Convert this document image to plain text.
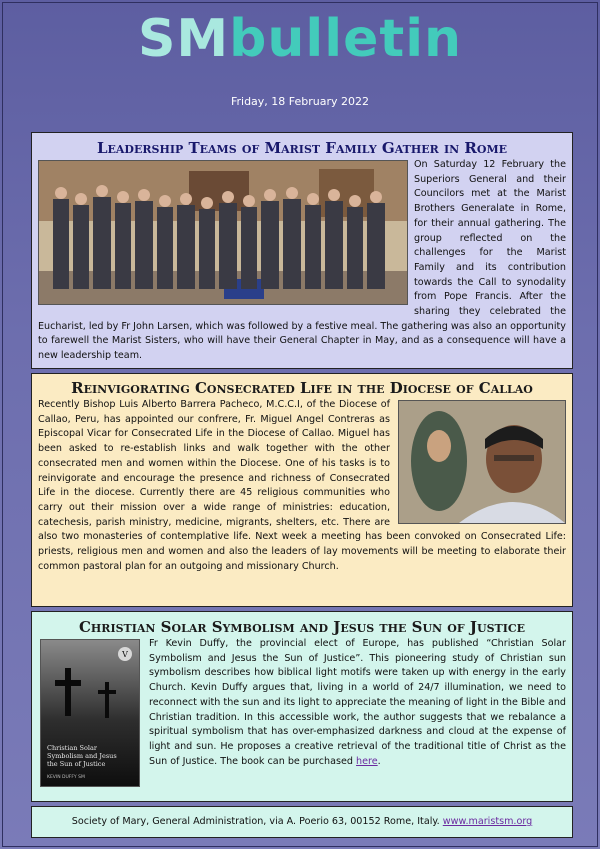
SMbulletin
Friday, 18 February 2022
Leadership Teams of Marist Family Gather in Rome

On Saturday 12 February the Superiors General and their Councilors met at the Marist Brothers Generalate in Rome, for their annual gathering. The group reflected on the challenges for the Marist Family and its contribution towards the Call to synodality from Pope Francis. After the sharing they celebrated the Eucharist, led by Fr John Larsen, which was followed by a festive meal. The gathering was also an opportunity to farewell the Marist Sisters, who will have their General Chapter in May, and as a consequence will have a new leadership team.

Reinvigorating Consecrated Life in the Diocese of Callao

Recently Bishop Luis Alberto Barrera Pacheco, M.C.C.I, of the Diocese of Callao, Peru, has appointed our confrere, Fr. Miguel Angel Contreras as Episcopal Vicar for Consecrated Life in the Diocese of Callao. Miguel has been asked to re-establish links and walk together with the other consecrated men and women within the Diocese. One of his tasks is to reinvigorate and encourage the presence and richness of Consecrated Life in the diocese. Currently there are 45 religious communities who carry out their mission over a wide range of ministries: education, catechesis, parish ministry, medicine, migrants, shelters, etc. There are also two monasteries of contemplative life. Next week a meeting has been convoked on Consecrated Life: priests, religious men and women and also the leaders of lay movements will be meeting to elaborate their common pastoral plan for an outgoing and missionary Church.

Christian Solar Symbolism and Jesus the Sun of Justice
V
Christian Solar
Symbolism and Jesus
the Sun of Justice
KEVIN DUFFY SM

Fr Kevin Duffy, the provincial elect of Europe, has published “Christian Solar Symbolism and Jesus the Sun of Justice”. This pioneering study of Christian sun symbolism describes how biblical light motifs were taken up with energy in the early Church. Kevin Duffy argues that, living in a world of 24/7 illumination, we need to reconnect with the sun and its light to appreciate the meaning of light in the Bible and Christian tradition. In this accessible work, the author suggests that we rebalance a spiritual symbolism that has over-emphasized darkness and cloud at the expense of light and sun. He proposes a creative retrieval of the traditional title of Christ as the Sun of Justice. The book can be purchased here.

Society of Mary, General Administration, via A. Poerio 63, 00152 Rome, Italy. www.maristsm.org
